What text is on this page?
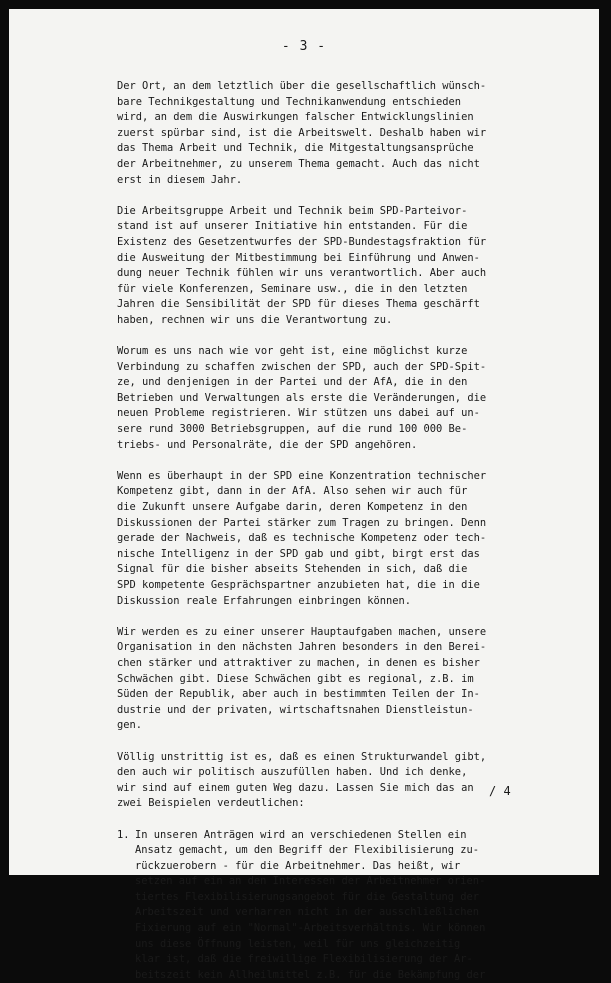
- 3 -

Der Ort, an dem letztlich über die gesellschaftlich wünsch-
bare Technikgestaltung und Technikanwendung entschieden
wird, an dem die Auswirkungen falscher Entwicklungslinien
zuerst spürbar sind, ist die Arbeitswelt. Deshalb haben wir
das Thema Arbeit und Technik, die Mitgestaltungsansprüche
der Arbeitnehmer, zu unserem Thema gemacht. Auch das nicht
erst in diesem Jahr.

Die Arbeitsgruppe Arbeit und Technik beim SPD-Parteivor-
stand ist auf unserer Initiative hin entstanden. Für die
Existenz des Gesetzentwurfes der SPD-Bundestagsfraktion für
die Ausweitung der Mitbestimmung bei Einführung und Anwen-
dung neuer Technik fühlen wir uns verantwortlich. Aber auch
für viele Konferenzen, Seminare usw., die in den letzten
Jahren die Sensibilität der SPD für dieses Thema geschärft
haben, rechnen wir uns die Verantwortung zu.

Worum es uns nach wie vor geht ist, eine möglichst kurze
Verbindung zu schaffen zwischen der SPD, auch der SPD-Spit-
ze, und denjenigen in der Partei und der AfA, die in den
Betrieben und Verwaltungen als erste die Veränderungen, die
neuen Probleme registrieren. Wir stützen uns dabei auf un-
sere rund 3000 Betriebsgruppen, auf die rund 100 000 Be-
triebs- und Personalräte, die der SPD angehören.

Wenn es überhaupt in der SPD eine Konzentration technischer
Kompetenz gibt, dann in der AfA. Also sehen wir auch für
die Zukunft unsere Aufgabe darin, deren Kompetenz in den
Diskussionen der Partei stärker zum Tragen zu bringen. Denn
gerade der Nachweis, daß es technische Kompetenz oder tech-
nische Intelligenz in der SPD gab und gibt, birgt erst das
Signal für die bisher abseits Stehenden in sich, daß die
SPD kompetente Gesprächspartner anzubieten hat, die in die
Diskussion reale Erfahrungen einbringen können.

Wir werden es zu einer unserer Hauptaufgaben machen, unsere
Organisation in den nächsten Jahren besonders in den Berei-
chen stärker und attraktiver zu machen, in denen es bisher
Schwächen gibt. Diese Schwächen gibt es regional, z.B. im
Süden der Republik, aber auch in bestimmten Teilen der In-
dustrie und der privaten, wirtschaftsnahen Dienstleistun-
gen.

Völlig unstrittig ist es, daß es einen Strukturwandel gibt,
den auch wir politisch auszufüllen haben. Und ich denke,
wir sind auf einem guten Weg dazu. Lassen Sie mich das an
zwei Beispielen verdeutlichen:

1. In unseren Anträgen wird an verschiedenen Stellen ein
Ansatz gemacht, um den Begriff der Flexibilisierung zu-
rückzuerobern - für die Arbeitnehmer. Das heißt, wir
setzen auf ein an den Interessen der Arbeitnehmer orien-
tiertes Flexibilisierungsangebot für die Gestaltung der
Arbeitszeit und verharren nicht in der ausschließlichen
Fixierung auf ein "Normal"-Arbeitsverhältnis. Wir können
uns diese Öffnung leisten, weil für uns gleichzeitig
klar ist, daß die freiwillige Flexibilisierung der Ar-
beitszeit kein Allheilmittel z.B. für die Bekämpfung der
/ 4
